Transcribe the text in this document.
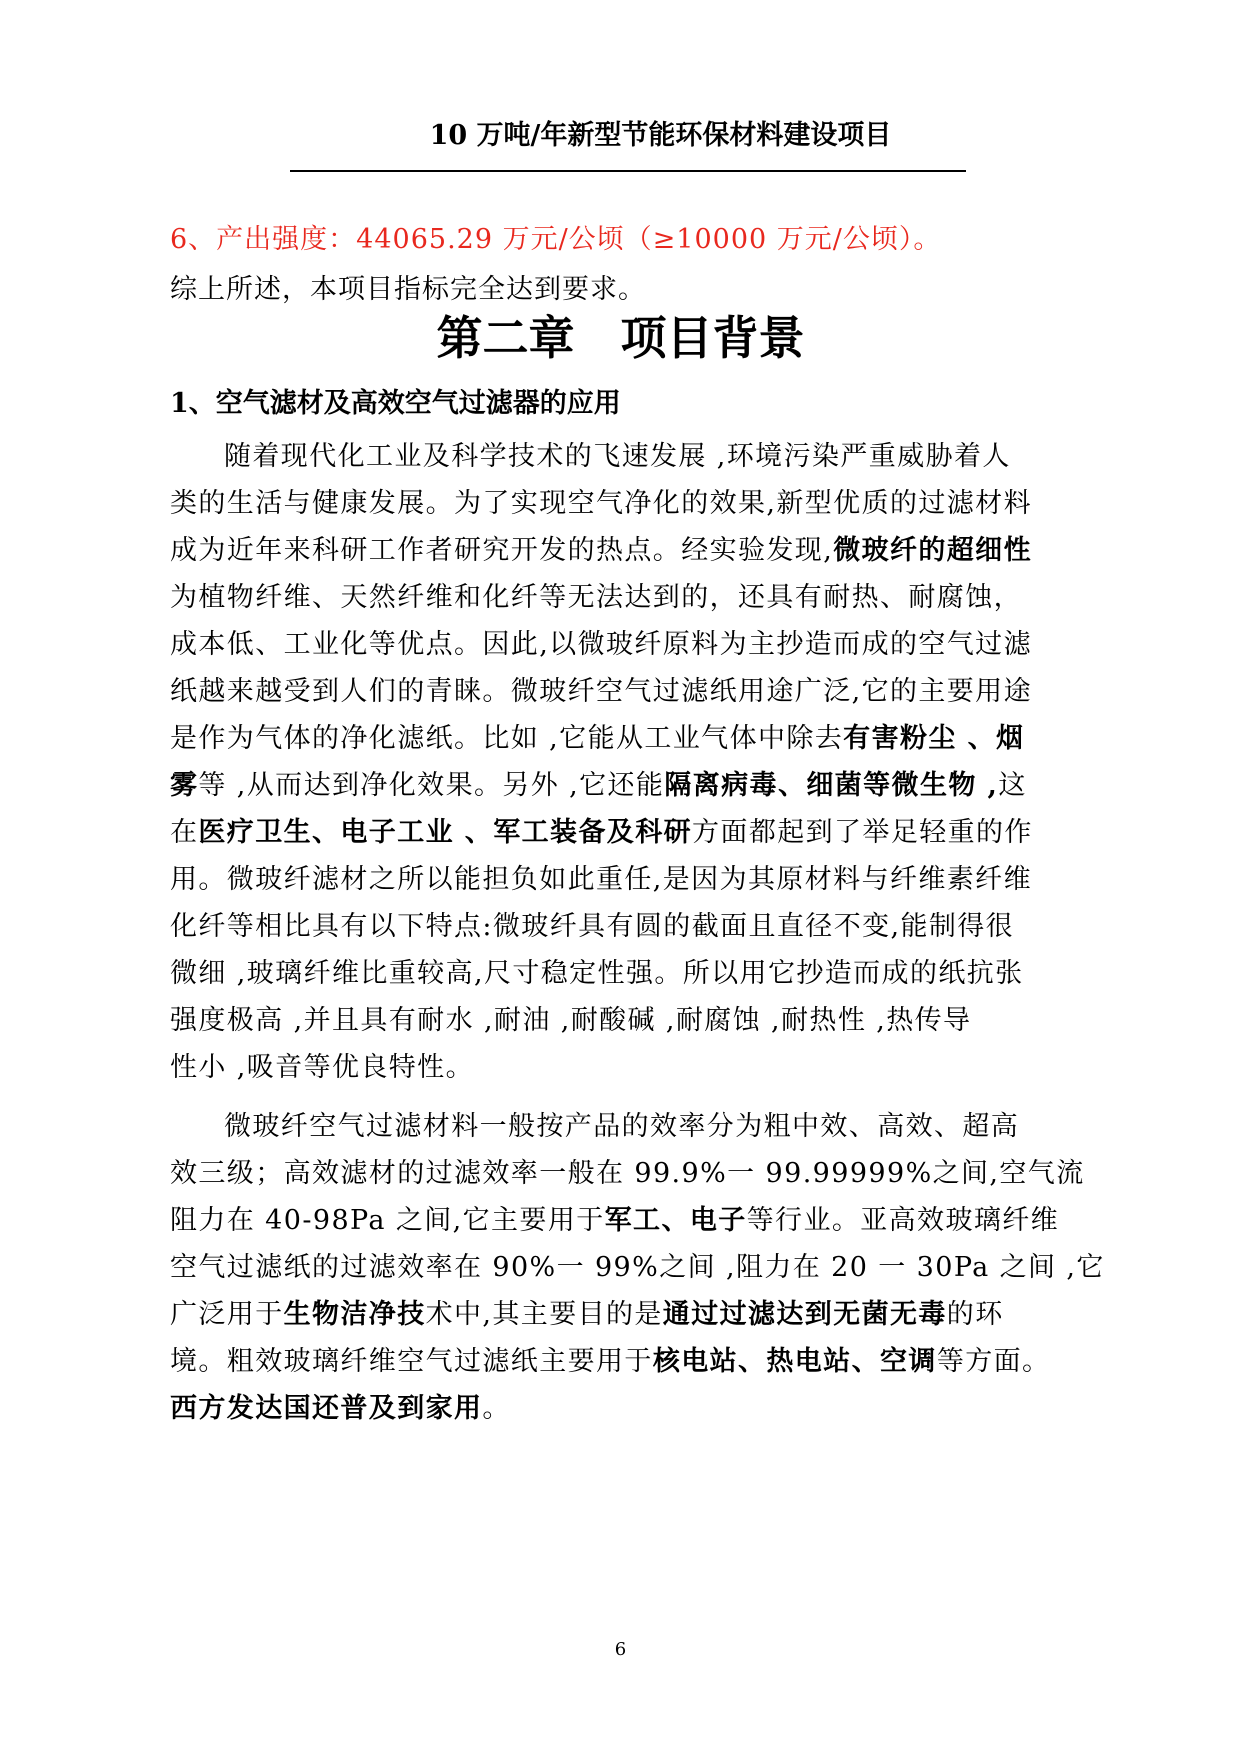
10 万吨/年新型节能环保材料建设项目
6、产出强度：44065.29 万元/公顷（≥10000 万元/公顷）。
综上所述，本项目指标完全达到要求。
第二章　项目背景
1、空气滤材及高效空气过滤器的应用
随着现代化工业及科学技术的飞速发展 ,环境污染严重威胁着人
类的生活与健康发展。为了实现空气净化的效果,新型优质的过滤材料
成为近年来科研工作者研究开发的热点。经实验发现,微玻纤的超细性
为植物纤维、天然纤维和化纤等无法达到的，还具有耐热、耐腐蚀，
成本低、工业化等优点。因此,以微玻纤原料为主抄造而成的空气过滤
纸越来越受到人们的青睐。微玻纤空气过滤纸用途广泛,它的主要用途
是作为气体的净化滤纸。比如 ,它能从工业气体中除去有害粉尘 、烟
雾等 ,从而达到净化效果。另外 ,它还能隔离病毒、细菌等微生物 ,这
在医疗卫生、电子工业 、军工装备及科研方面都起到了举足轻重的作
用。微玻纤滤材之所以能担负如此重任,是因为其原材料与纤维素纤维
化纤等相比具有以下特点:微玻纤具有圆的截面且直径不变,能制得很
微细 ,玻璃纤维比重较高,尺寸稳定性强。所以用它抄造而成的纸抗张
强度极高 ,并且具有耐水 ,耐油 ,耐酸碱 ,耐腐蚀 ,耐热性 ,热传导
性小 ,吸音等优良特性。
微玻纤空气过滤材料一般按产品的效率分为粗中效、高效、超高
效三级；高效滤材的过滤效率一般在 99.9%一 99.99999%之间,空气流
阻力在 40-98Pa 之间,它主要用于军工、电子等行业。亚高效玻璃纤维
空气过滤纸的过滤效率在 90%一 99%之间 ,阻力在 20 一 30Pa 之间 ,它
广泛用于生物洁净技术中,其主要目的是通过过滤达到无菌无毒的环
境。粗效玻璃纤维空气过滤纸主要用于核电站、热电站、空调等方面。
西方发达国还普及到家用。
6
